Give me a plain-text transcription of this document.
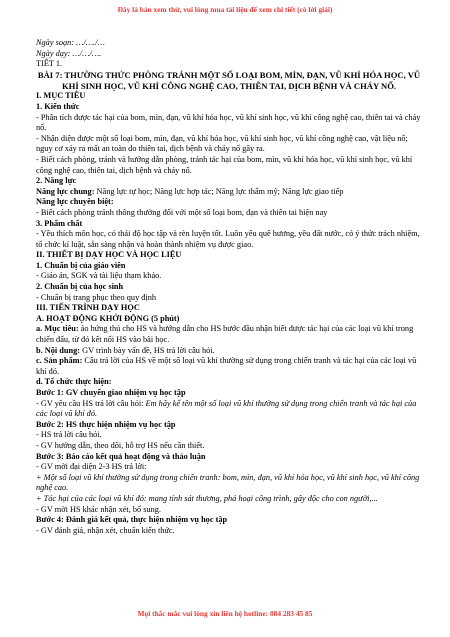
Đây là bản xem thử, vui lòng mua tài liệu để xem chi tiết (có lời giải)

Ngày soạn: …/…./…

Ngày dạy: …/…/….

TIẾT 1.

BÀI 7: THƯỜNG THỨC PHÒNG TRÁNH MỘT SỐ LOẠI BOM, MÌN, ĐẠN, VŨ KHÍ HÓA HỌC, VŨ KHÍ SINH HỌC, VŨ KHÍ CÔNG NGHỆ CAO, THIÊN TAI, DỊCH BỆNH VÀ CHÁY NỔ.

I. MỤC TIÊU

1. Kiến thức

- Phân tích được tác hại của bom, mìn, đạn, vũ khí hóa học, vũ khí sinh học, vũ khí công nghệ cao, thiên tai và cháy nổ.

- Nhận diện được một số loại bom, mìn, đạn, vũ khí hóa học, vũ khí sinh học, vũ khí công nghệ cao, vật liệu nổ; nguy cơ xảy ra mất an toàn do thiên tai, dịch bệnh và cháy nổ gây ra.

- Biết cách phòng, tránh và hướng dẫn phòng, tránh tác hại của bom, mìn, vũ khí hóa học, vũ khí sinh học, vũ khí công nghệ cao, thiên tai, dịch bệnh và cháy nổ.

2. Năng lực

Năng lực chung: Năng lực tự học; Năng lực hợp tác; Năng lực thẩm mỹ; Năng lực giao tiếp

Năng lực chuyên biệt:

- Biết cách phòng tránh thông thường đối với một số loại bom, đạn và thiên tai hiện nay

3. Phẩm chất

- Yêu thích môn học, có thái độ học tập và rèn luyện tốt. Luôn yêu quê hương, yêu đất nước, có ý thức trách nhiệm, tổ chức kỉ luật, sẵn sàng nhận và hoàn thành nhiệm vụ được giao.

II. THIẾT BỊ DẠY HỌC VÀ HỌC LIỆU

1. Chuẩn bị của giáo viên

- Giáo án, SGK và tài liệu tham khảo.

2. Chuẩn bị của học sinh

- Chuẩn bị trang phục theo quy định

III. TIẾN TRÌNH DẠY HỌC

A. HOẠT ĐỘNG KHỞI ĐỘNG (5 phút)

a. Mục tiêu: áo hứng thú cho HS và hướng dẫn cho HS bước đầu nhận biết được tác hại của các loại vũ khí trong chiến đấu, từ đó kết nối HS vào bài học.

b. Nội dung: GV trình bày vấn đề, HS trả lời câu hỏi.

c. Sản phẩm: Câu trả lời của HS về một số loại vũ khí thường sử dụng trong chiến tranh và tác hại của các loại vũ khí đó.

d. Tổ chức thực hiện:

Bước 1: GV chuyển giao nhiệm vụ học tập

- GV yêu cầu HS trả lời câu hỏi: Em hãy kể tên một số loại vũ khí thường sử dụng trong chiến tranh và tác hại của các loại vũ khí đó.

Bước 2: HS thực hiện nhiệm vụ học tập

- HS trả lời câu hỏi.

- GV hướng dẫn, theo dõi, hỗ trợ HS nếu cần thiết.

Bước 3: Báo cáo kết quả hoạt động và thảo luận

- GV mời đại diện 2-3 HS trả lời:

+ Một số loại vũ khí thường sử dụng trong chiến tranh: bom, mìn, đạn, vũ khí hóa học, vũ khí sinh học, vũ khí công nghệ cao.

+ Tác hại của các loại vũ khí đó: mang tính sát thương, phá hoại công trình, gây độc cho con người,...

- GV mời HS khác nhận xét, bổ sung.

Bước 4: Đánh giá kết quả, thực hiện nhiệm vụ học tập

- GV đánh giá, nhận xét, chuẩn kiến thức.

Mọi thắc mắc vui lòng xin liên hệ hotline: 084 283 45 85
